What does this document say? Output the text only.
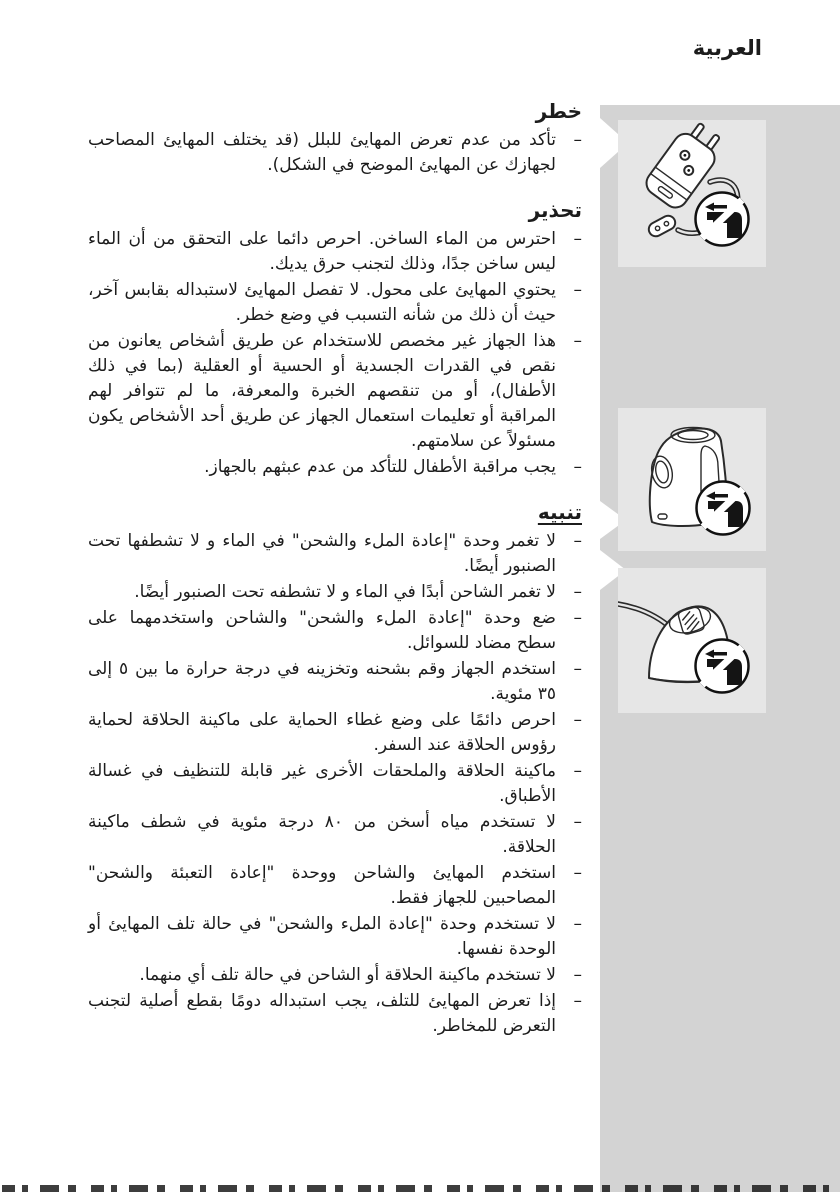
العربية
خطر
–
تأكد من عدم تعرض المهايئ للبلل (قد يختلف المهايئ المصاحب لجهازك عن المهايئ الموضح في الشكل).
تحذير
–
احترس من الماء الساخن. احرص دائما على التحقق من أن الماء ليس ساخن جدًا، وذلك لتجنب حرق يديك.
–
يحتوي المهايئ على محول. لا تفصل المهايئ لاستبداله بقابس آخر، حيث أن ذلك من شأنه التسبب في وضع خطر.
–
هذا الجهاز غير مخصص للاستخدام عن طريق أشخاص يعانون من نقص في القدرات الجسدية أو الحسية أو العقلية (بما في ذلك الأطفال)، أو من تنقصهم الخبرة والمعرفة، ما لم تتوافر لهم المراقبة أو تعليمات استعمال الجهاز عن طريق أحد الأشخاص يكون مسئولاً عن سلامتهم.
–
يجب مراقبة الأطفال للتأكد من عدم عبثهم بالجهاز.
تنبيه
–
لا تغمر وحدة "إعادة الملء والشحن" في الماء و لا تشطفها تحت الصنبور أيضًا.
–
لا تغمر الشاحن أبدًا في الماء و لا تشطفه تحت الصنبور أيضًا.
–
ضع وحدة "إعادة الملء والشحن" والشاحن واستخدمهما على سطح مضاد للسوائل.
–
استخدم الجهاز وقم بشحنه وتخزينه في درجة حرارة ما بين ٥ إلى ٣٥ مئوية.
–
احرص دائمًا على وضع غطاء الحماية على ماكينة الحلاقة لحماية رؤوس الحلاقة عند السفر.
–
ماكينة الحلاقة والملحقات الأخرى غير قابلة للتنظيف في غسالة الأطباق.
–
لا تستخدم مياه أسخن من ٨٠ درجة مئوية في شطف ماكينة الحلاقة.
–
استخدم المهايئ والشاحن ووحدة "إعادة التعبئة والشحن" المصاحبين للجهاز فقط.
–
لا تستخدم وحدة "إعادة الملء والشحن" في حالة تلف المهايئ أو الوحدة نفسها.
–
لا تستخدم ماكينة الحلاقة أو الشاحن في حالة تلف أي منهما.
–
إذا تعرض المهايئ للتلف، يجب استبداله دومًا بقطع أصلية لتجنب التعرض للمخاطر.
